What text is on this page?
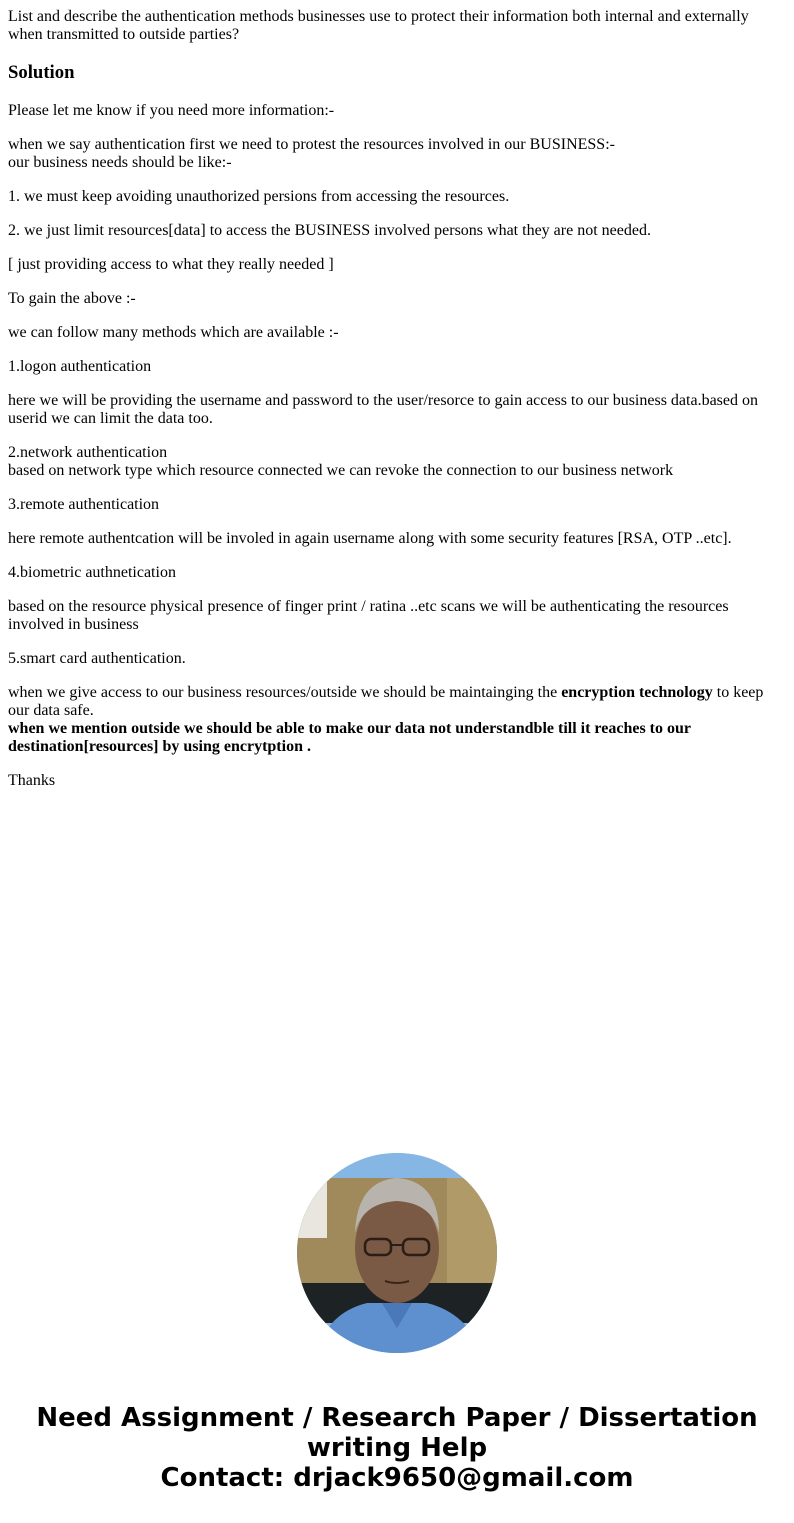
List and describe the authentication methods businesses use to protect their information both internal and externally when transmitted to outside parties?

Solution

Please let me know if you need more information:-

when we say authentication first we need to protest the resources involved in our BUSINESS:-
our business needs should be like:-

1. we must keep avoiding unauthorized persions from accessing the resources.

2. we just limit resources[data] to access the BUSINESS involved persons what they are not needed.

[ just providing access to what they really needed ]

To gain the above :-

we can follow many methods which are available :-

1.logon authentication

here we will be providing the username and password to the user/resorce to gain access to our business data.based on userid we can limit the data too.

2.network authentication
based on network type which resource connected we can revoke the connection to our business network

3.remote authentication

here remote authentcation will be involed in again username along with some security features [RSA, OTP ..etc].

4.biometric authnetication

based on the resource physical presence of finger print / ratina ..etc scans we will be authenticating the resources involved in business

5.smart card authentication.

when we give access to our business resources/outside we should be maintainging the encryption technology to keep our data safe.
when we mention outside we should be able to make our data not understandble till it reaches to our destination[resources] by using encrytption .

Thanks

Need Assignment / Research Paper / Dissertation writing Help
Contact: drjack9650@gmail.com
